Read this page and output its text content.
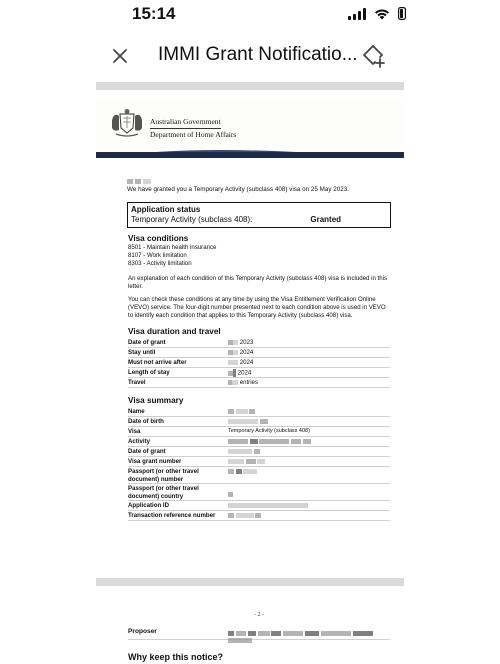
15:14
IMMI Grant Notificatio...
Australian Government
Department of Home Affairs

We have granted you a Temporary Activity (subclass 408) visa on 25 May 2023.
Application status
Temporary Activity (subclass 408):	Granted
Visa conditions
8501 - Maintain health insurance
8107 - Work limitation
8303 - Activity limitation
An explanation of each condition of this Temporary Activity (subclass 408) visa is included in this letter.
You can check these conditions at any time by using the Visa Entitlement Verification Online (VEVO) service. The four-digit number presented next to each condition above is used in VEVO to identify each condition that applies to this Temporary Activity (subclass 408) visa.
Visa duration and travel
Date of grant	2023
Stay until	2024
Must not arrive after	2024
Length of stay	2024
Travel	entries
Visa summary
Name

Date of birth

Visa	Temporary Activity (subclass 408)
Activity

Date of grant

Visa grant number

Passport (or other travel document) number

Passport (or other travel document) country
Application ID
Transaction reference number

- 2 -
Proposer

Why keep this notice?
